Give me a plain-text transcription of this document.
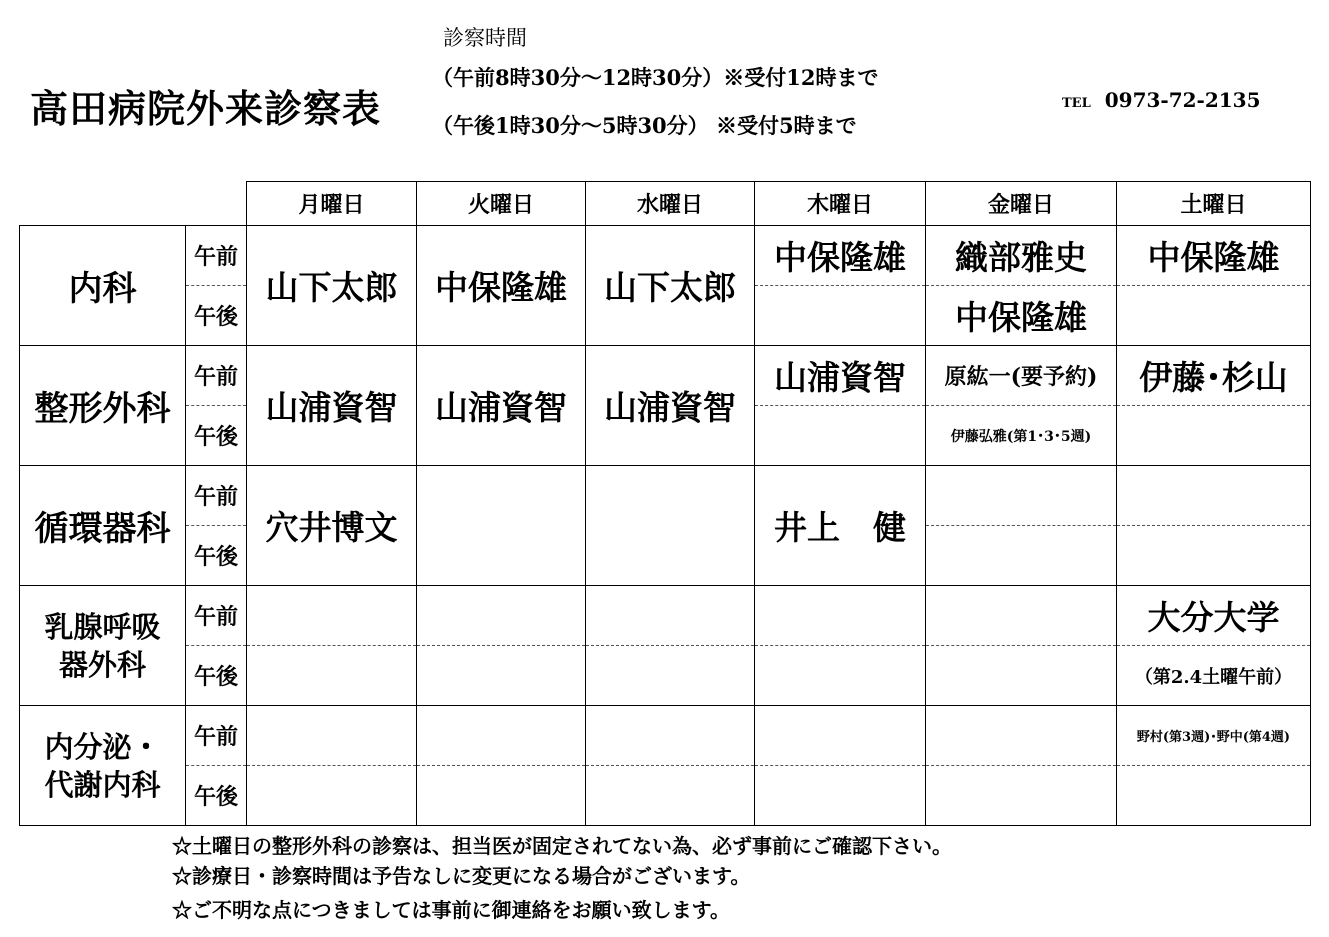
高田病院外来診察表
診察時間
（午前8時30分～12時30分）※受付12時まで
（午後1時30分～5時30分） ※受付5時まで
TEL 0973-72-2135
月曜日	火曜日	水曜日	木曜日	金曜日	土曜日
内科	午前	山下太郎	中保隆雄	山下太郎	中保隆雄	織部雅史	中保隆雄
	午後					中保隆雄	
整形外科	午前	山浦資智	山浦資智	山浦資智	山浦資智	原紘一(要予約)	伊藤･杉山
	午後					伊藤弘雅(第1･3･5週)	
循環器科	午前	穴井博文			井上　健		
	午後						

乳腺呼吸
器外科	午前						大分大学
	午後						（第2.4土曜午前）

内分泌・
代謝内科	午前						野村(第3週)･野中(第4週)
	午後						
☆土曜日の整形外科の診察は、担当医が固定されてない為、必ず事前にご確認下さい。
☆診療日・診察時間は予告なしに変更になる場合がございます。
☆ご不明な点につきましては事前に御連絡をお願い致します。
